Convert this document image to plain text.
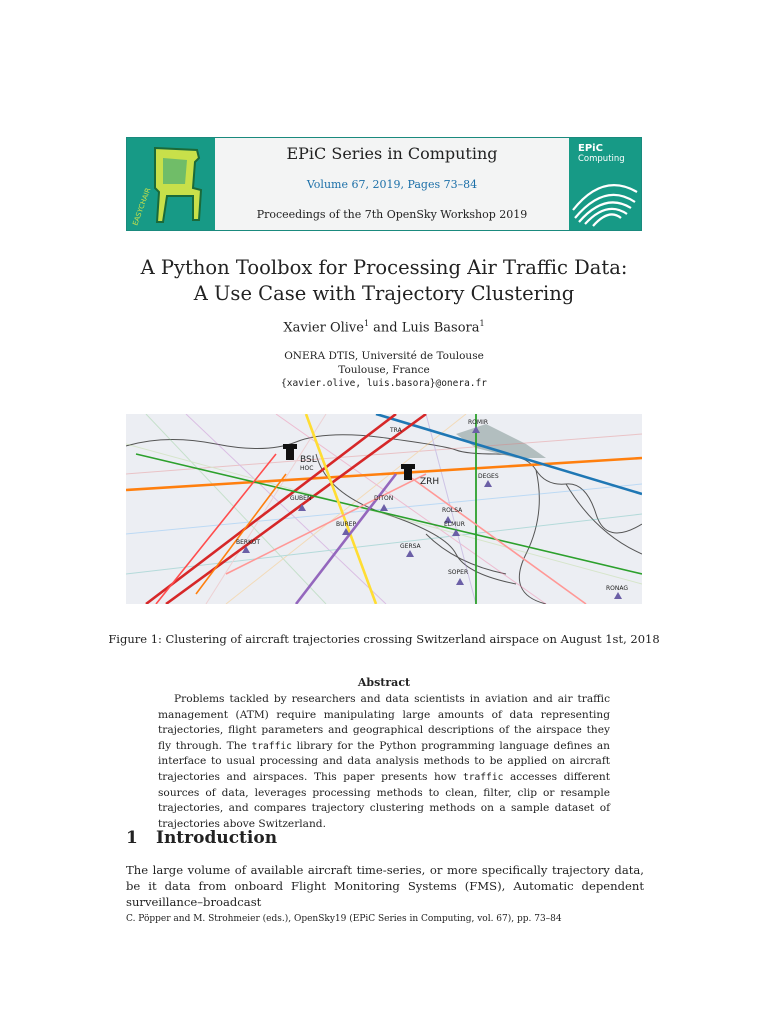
EASYCHAIR
EPiC Series in Computing
Volume 67, 2019, Pages 73–84
Proceedings of the 7th OpenSky Workshop 2019
EPiC
Computing
A Python Toolbox for Processing Air Traffic Data:
A Use Case with Trajectory Clustering
Xavier Olive$^1$ and Luis Basora$^1$
ONERA DTIS, Université de Toulouse
Toulouse, France
{xavier.olive, luis.basora}@onera.fr
BSL
ZRH
TRA
ROMIR
HOC
DEGES
GUBEN	DITON
ROLSA
BUREP	ELMUR
BERKOT
GERSA
SOPER
RONAG
Figure 1: Clustering of aircraft trajectories crossing Switzerland airspace on August 1st, 2018
Abstract
Problems tackled by researchers and data scientists in aviation and air traffic management (ATM) require manipulating large amounts of data representing trajectories, flight parameters and geographical descriptions of the airspace they fly through. The traffic library for the Python programming language defines an interface to usual processing and data analysis methods to be applied on aircraft trajectories and airspaces. This paper presents how traffic accesses different sources of data, leverages processing methods to clean, filter, clip or resample trajectories, and compares trajectory clustering methods on a sample dataset of trajectories above Switzerland.
1 Introduction
The large volume of available aircraft time-series, or more specifically trajectory data, be it data from onboard Flight Monitoring Systems (FMS), Automatic dependent surveillance–broadcast
C. Pöpper and M. Strohmeier (eds.), OpenSky19 (EPiC Series in Computing, vol. 67), pp. 73–84
